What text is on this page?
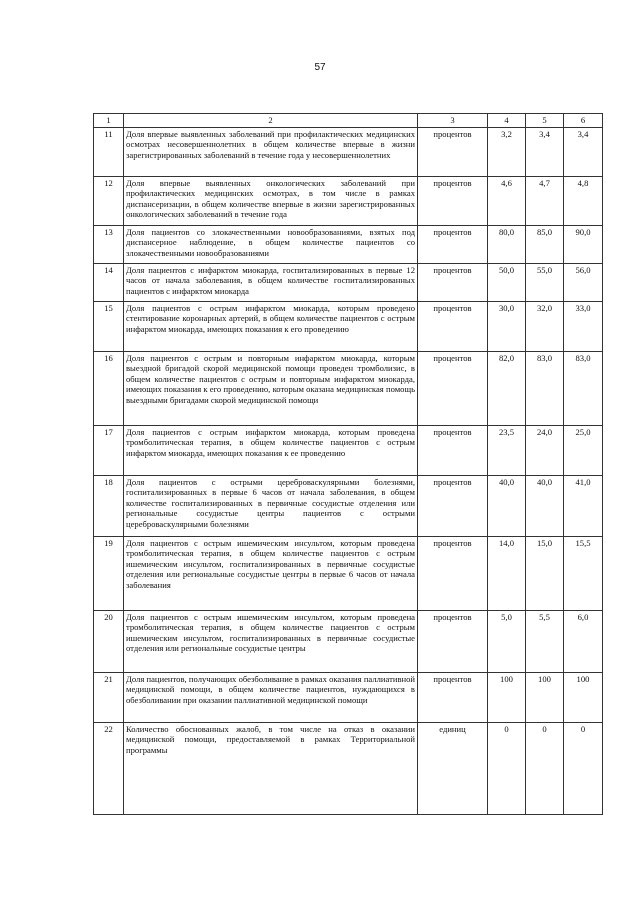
57
1	2	3	4	5	6
11	Доля впервые выявленных заболеваний при профилактических медицинских осмотрах несовершеннолетних в общем количестве впервые в жизни зарегистрированных заболеваний в течение года у несовершеннолетних	процентов	3,2	3,4	3,4
12	Доля впервые выявленных онкологических заболеваний при профилактических медицинских осмотрах, в том числе в рамках диспансеризации, в общем количестве впервые в жизни зарегистрированных онкологических заболеваний в течение года	процентов	4,6	4,7	4,8
13	Доля пациентов со злокачественными новообразованиями, взятых под диспансерное наблюдение, в общем количестве пациентов со злокачественными новообразованиями	процентов	80,0	85,0	90,0
14	Доля пациентов с инфарктом миокарда, госпитализированных в первые 12 часов от начала заболевания, в общем количестве госпитализированных пациентов с инфарктом миокарда	процентов	50,0	55,0	56,0
15	Доля пациентов с острым инфарктом миокарда, которым проведено стентирование коронарных артерий, в общем количестве пациентов с острым инфарктом миокарда, имеющих показания к его проведению	процентов	30,0	32,0	33,0
16	Доля пациентов с острым и повторным инфарктом миокарда, которым выездной бригадой скорой медицинской помощи проведен тромболизис, в общем количестве пациентов с острым и повторным инфарктом миокарда, имеющих показания к его проведению, которым оказана медицинская помощь выездными бригадами скорой медицинской помощи	процентов	82,0	83,0	83,0
17	Доля пациентов с острым инфарктом миокарда, которым проведена тромболитическая терапия, в общем количестве пациентов с острым инфарктом миокарда, имеющих показания к ее проведению	процентов	23,5	24,0	25,0
18	Доля пациентов с острыми цереброваскулярными болезнями, госпитализированных в первые 6 часов от начала заболевания, в общем количестве госпитализированных в первичные сосудистые отделения или региональные сосудистые центры пациентов с острыми цереброваскулярными болезнями	процентов	40,0	40,0	41,0
19	Доля пациентов с острым ишемическим инсультом, которым проведена тромболитическая терапия, в общем количестве пациентов с острым ишемическим инсультом, госпитализированных в первичные сосудистые отделения или региональные сосудистые центры в первые 6 часов от начала заболевания	процентов	14,0	15,0	15,5
20	Доля пациентов с острым ишемическим инсультом, которым проведена тромболитическая терапия, в общем количестве пациентов с острым ишемическим инсультом, госпитализированных в первичные сосудистые отделения или региональные сосудистые центры	процентов	5,0	5,5	6,0
21	Доля пациентов, получающих обезболивание в рамках оказания паллиативной медицинской помощи, в общем количестве пациентов, нуждающихся в обезболивании при оказании паллиативной медицинской помощи	процентов	100	100	100
22	Количество обоснованных жалоб, в том числе на отказ в оказании медицинской помощи, предоставляемой в рамках Территориальной программы	единиц	0	0	0
